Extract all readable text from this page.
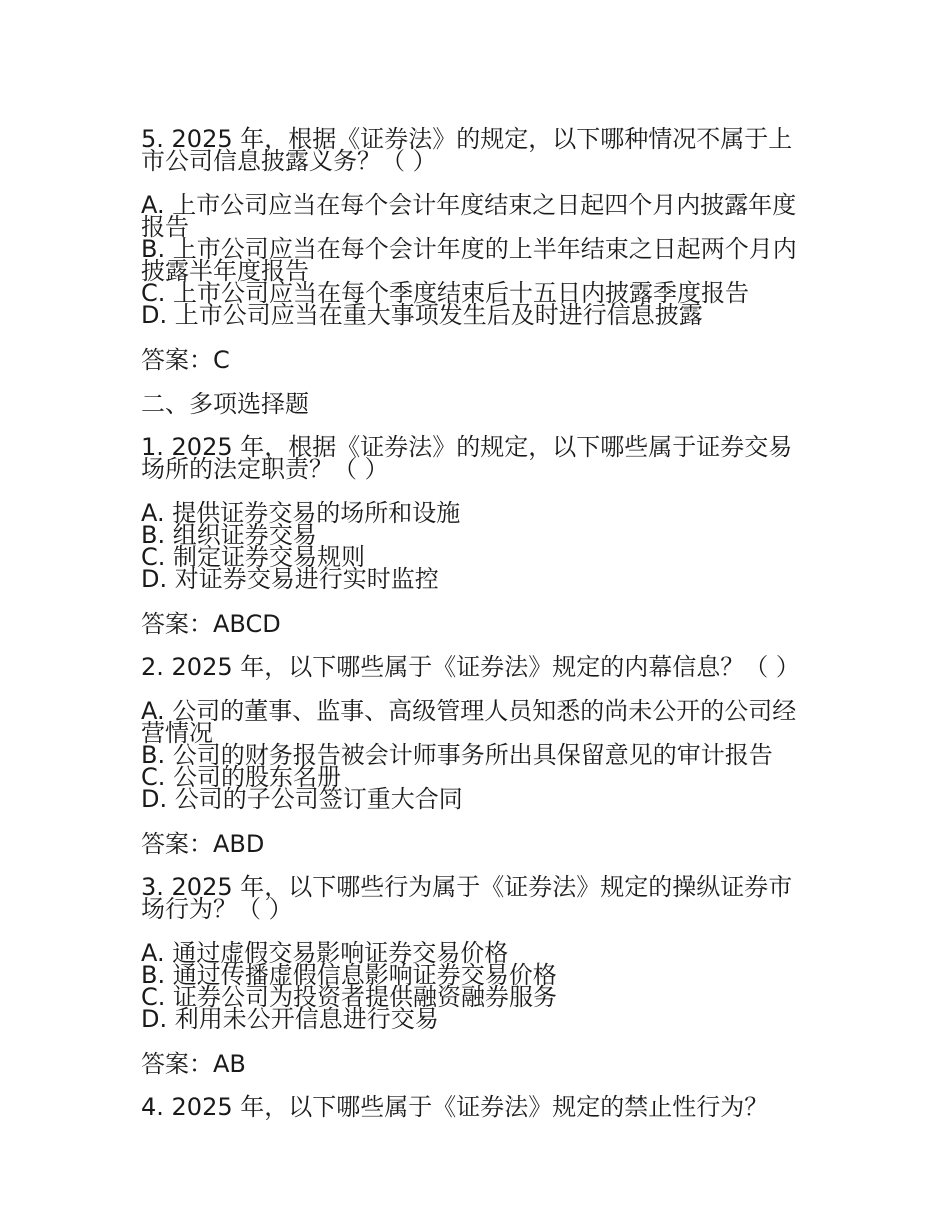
5. 2025 年，根据《证券法》的规定，以下哪种情况不属于上市公司信息披露义务？（ ）

A. 上市公司应当在每个会计年度结束之日起四个月内披露年度报告

B. 上市公司应当在每个会计年度的上半年结束之日起两个月内披露半年度报告

C. 上市公司应当在每个季度结束后十五日内披露季度报告

D. 上市公司应当在重大事项发生后及时进行信息披露

答案：C

二、多项选择题

1. 2025 年，根据《证券法》的规定，以下哪些属于证券交易场所的法定职责？（ ）

A. 提供证券交易的场所和设施

B. 组织证券交易

C. 制定证券交易规则

D. 对证券交易进行实时监控

答案：ABCD

2. 2025 年，以下哪些属于《证券法》规定的内幕信息？（ ）

A. 公司的董事、监事、高级管理人员知悉的尚未公开的公司经营情况

B. 公司的财务报告被会计师事务所出具保留意见的审计报告

C. 公司的股东名册

D. 公司的子公司签订重大合同

答案：ABD

3. 2025 年，以下哪些行为属于《证券法》规定的操纵证券市场行为？（ ）

A. 通过虚假交易影响证券交易价格

B. 通过传播虚假信息影响证券交易价格

C. 证券公司为投资者提供融资融券服务

D. 利用未公开信息进行交易

答案：AB

4. 2025 年，以下哪些属于《证券法》规定的禁止性行为？
